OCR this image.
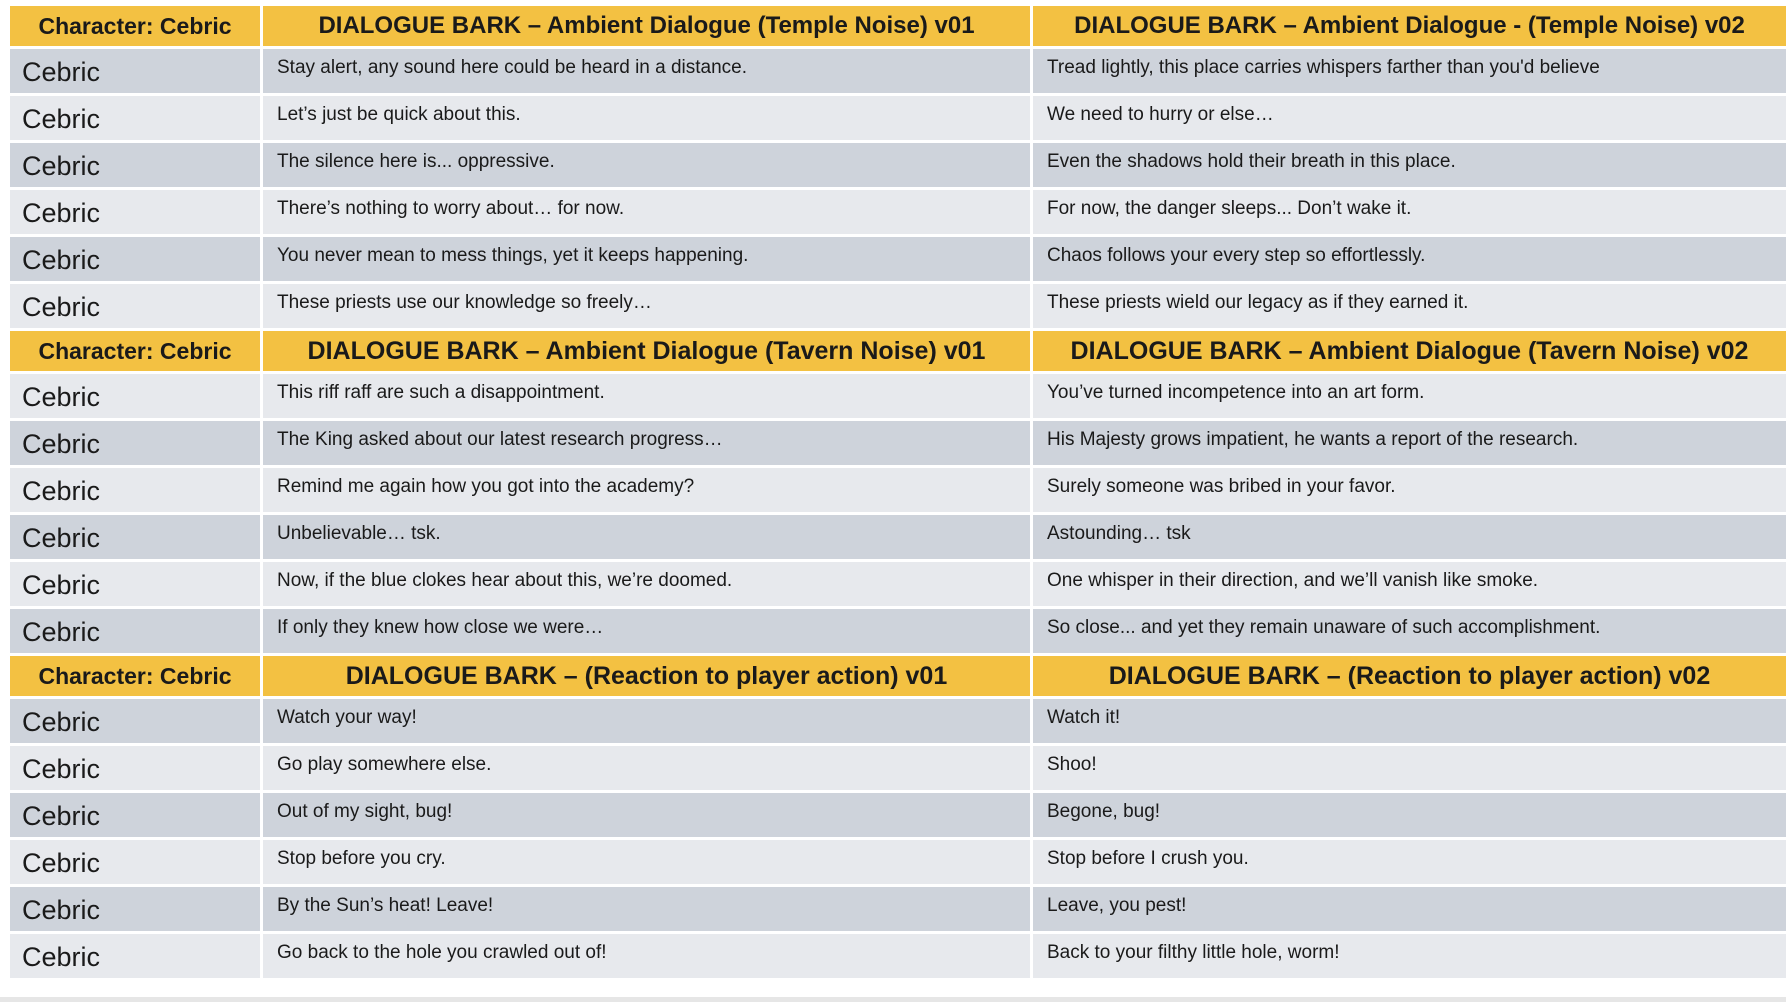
Character: Cebric	DIALOGUE BARK – Ambient Dialogue (Temple Noise) v01	DIALOGUE BARK – Ambient Dialogue - (Temple Noise) v02
Cebric	Stay alert, any sound here could be heard in a distance.	Tread lightly, this place carries whispers farther than you'd believe
Cebric	Let’s just be quick about this.	We need to hurry or else…
Cebric	The silence here is... oppressive.	Even the shadows hold their breath in this place.
Cebric	There’s nothing to worry about… for now.	For now, the danger sleeps... Don’t wake it.
Cebric	You never mean to mess things, yet it keeps happening.	Chaos follows your every step so effortlessly.
Cebric	These priests use our knowledge so freely…	These priests wield our legacy as if they earned it.
Character: Cebric	DIALOGUE BARK – Ambient Dialogue (Tavern Noise) v01	DIALOGUE BARK – Ambient Dialogue (Tavern Noise) v02
Cebric	This riff raff are such a disappointment.	You’ve turned incompetence into an art form.
Cebric	The King asked about our latest research progress…	His Majesty grows impatient, he wants a report of the research.
Cebric	Remind me again how you got into the academy?	Surely someone was bribed in your favor.
Cebric	Unbelievable… tsk.	Astounding… tsk
Cebric	Now, if the blue clokes hear about this, we’re doomed.	One whisper in their direction, and we’ll vanish like smoke.
Cebric	If only they knew how close we were…	So close... and yet they remain unaware of such accomplishment.
Character: Cebric	DIALOGUE BARK – (Reaction to player action) v01	DIALOGUE BARK – (Reaction to player action) v02
Cebric	Watch your way!	Watch it!
Cebric	Go play somewhere else.	Shoo!
Cebric	Out of my sight, bug!	Begone, bug!
Cebric	Stop before you cry.	Stop before I crush you.
Cebric	By the Sun’s heat! Leave!	Leave, you pest!
Cebric	Go back to the hole you crawled out of!	Back to your filthy little hole, worm!
